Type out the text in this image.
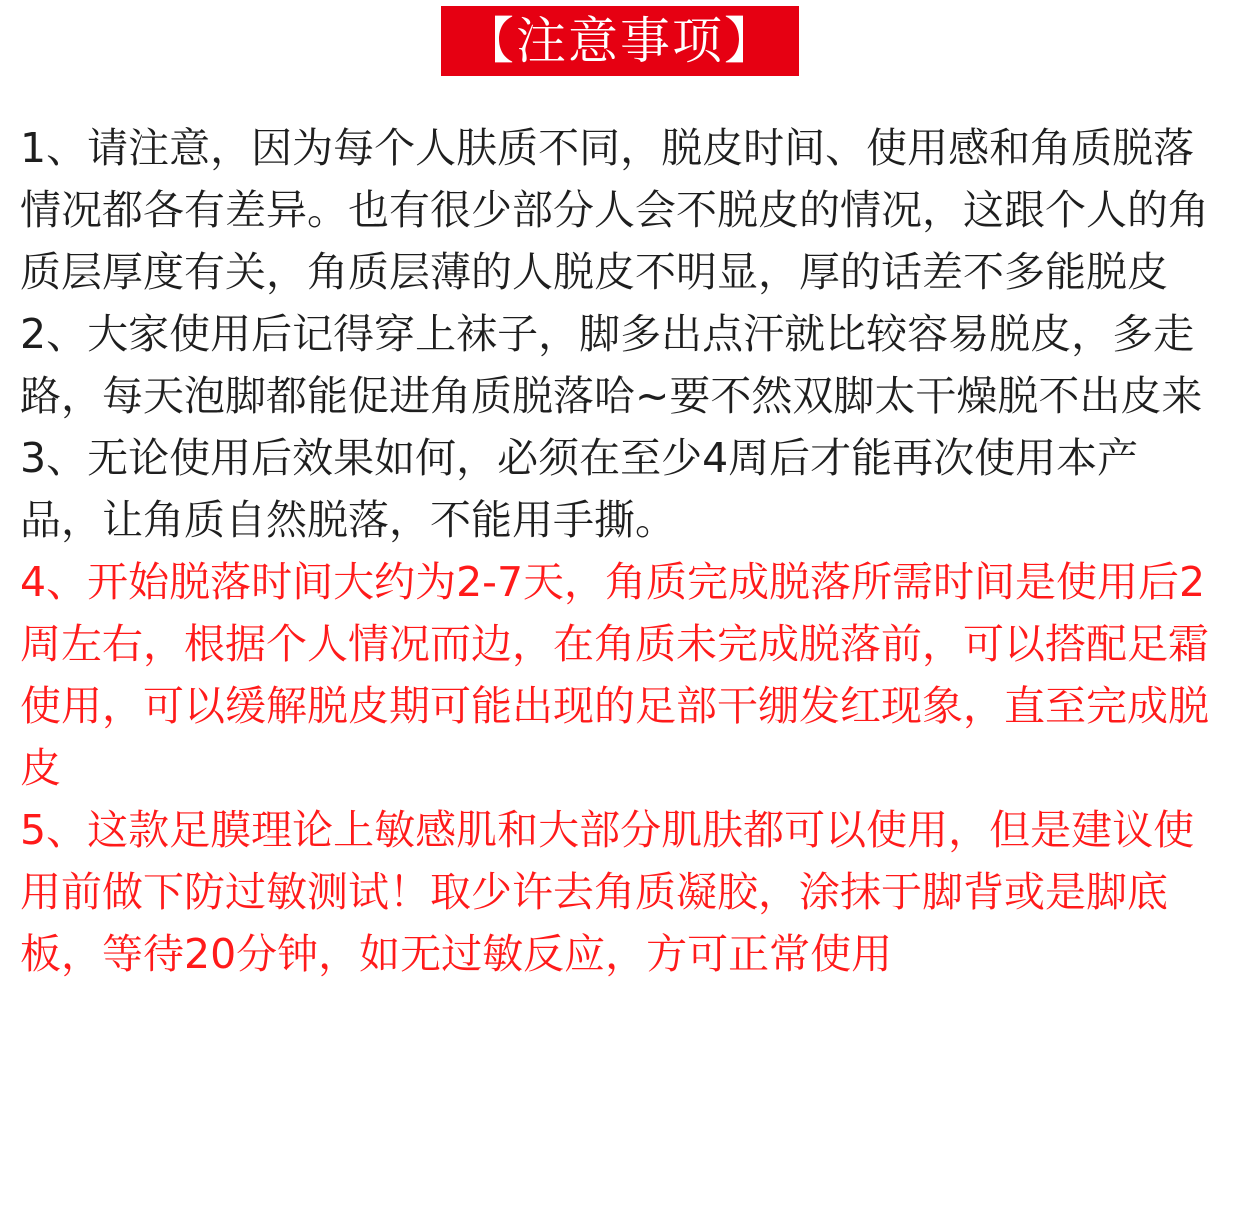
【注意事项】

1、请注意，因为每个人肤质不同，脱皮时间、使用感和角质脱落情况都各有差异。也有很少部分人会不脱皮的情况，这跟个人的角质层厚度有关，角质层薄的人脱皮不明显，厚的话差不多能脱皮

2、大家使用后记得穿上袜子，脚多出点汗就比较容易脱皮，多走路，每天泡脚都能促进角质脱落哈~要不然双脚太干燥脱不出皮来

3、无论使用后效果如何，必须在至少4周后才能再次使用本产品，让角质自然脱落，不能用手撕。

4、开始脱落时间大约为2-7天，角质完成脱落所需时间是使用后2周左右，根据个人情况而边，在角质未完成脱落前，可以搭配足霜使用，可以缓解脱皮期可能出现的足部干绷发红现象，直至完成脱皮

5、这款足膜理论上敏感肌和大部分肌肤都可以使用，但是建议使用前做下防过敏测试！取少许去角质凝胶，涂抹于脚背或是脚底板，等待20分钟，如无过敏反应，方可正常使用
